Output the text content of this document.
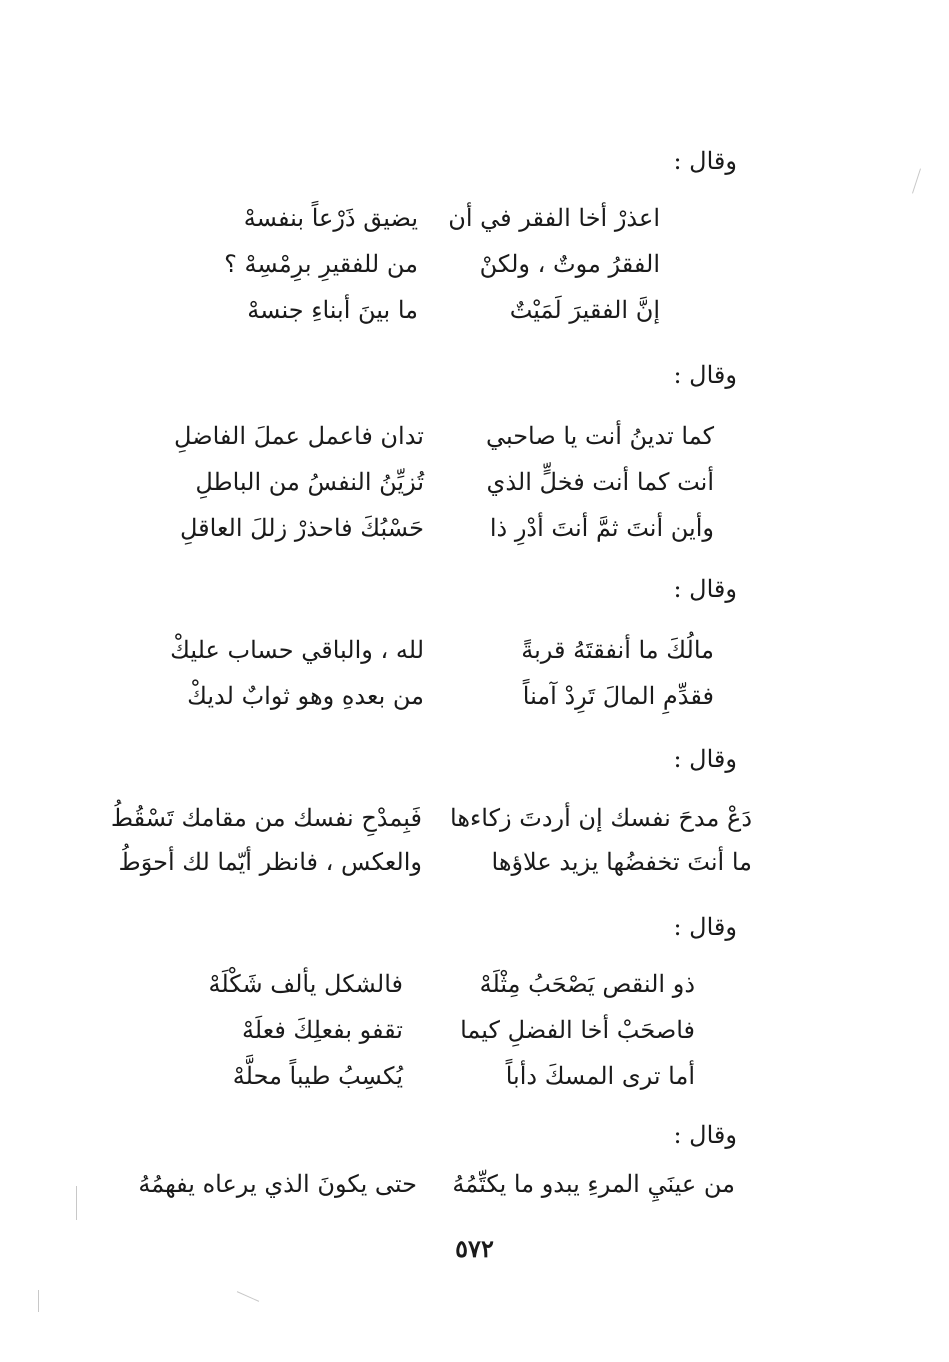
وقال :
اعذرْ أخا الفقر في أن
يضيق ذَرْعاً بنفسهْ
الفقرُ موتٌ ، ولكنْ
من للفقيرِ برِمْسِهْ ؟
إنَّ الفقيرَ لَمَيْتٌ
ما بينَ أبناءِ جنسهْ
وقال :
كما تدينُ أنت يا صاحبي
تدان فاعمل عملَ الفاضلِ
أنت كما أنت فخلٍّ الذي
تُزيِّنُ النفسُ من الباطلِ
وأين أنتَ ثمَّ أنتَ أدْرِ ذا
حَسْبُكَ فاحذرْ زللَ العاقلِ
وقال :
مالُكَ ما أنفقتَهُ قربةً
لله ، والباقي حساب عليكْ
فقدِّمِ المالَ تَرِدْ آمناً
من بعدهِ وهو ثوابٌ لديكْ
وقال :
دَعْ مدحَ نفسك إن أردتَ زكاءها
فَبِمدْحِ نفسك من مقامك تَسْقُطُ
ما أنتَ تخفضُها يزيد علاؤها
والعكس ، فانظر أيّما لك أحوَطُ
وقال :
ذو النقص يَصْحَبُ مِثْلَهْ
فالشكل يألف شَكْلَهْ
فاصحَبْ أخا الفضلِ كيما
تقفو بفعلِكَ فعلَهْ
أما ترى المسكَ دأباً
يُكسِبُ طيباً محلَّهْ
وقال :
من عينَيِ المرءِ يبدو ما يكتِّمُهُ
حتى يكونَ الذي يرعاه يفهمُهُ
٥٧٢
